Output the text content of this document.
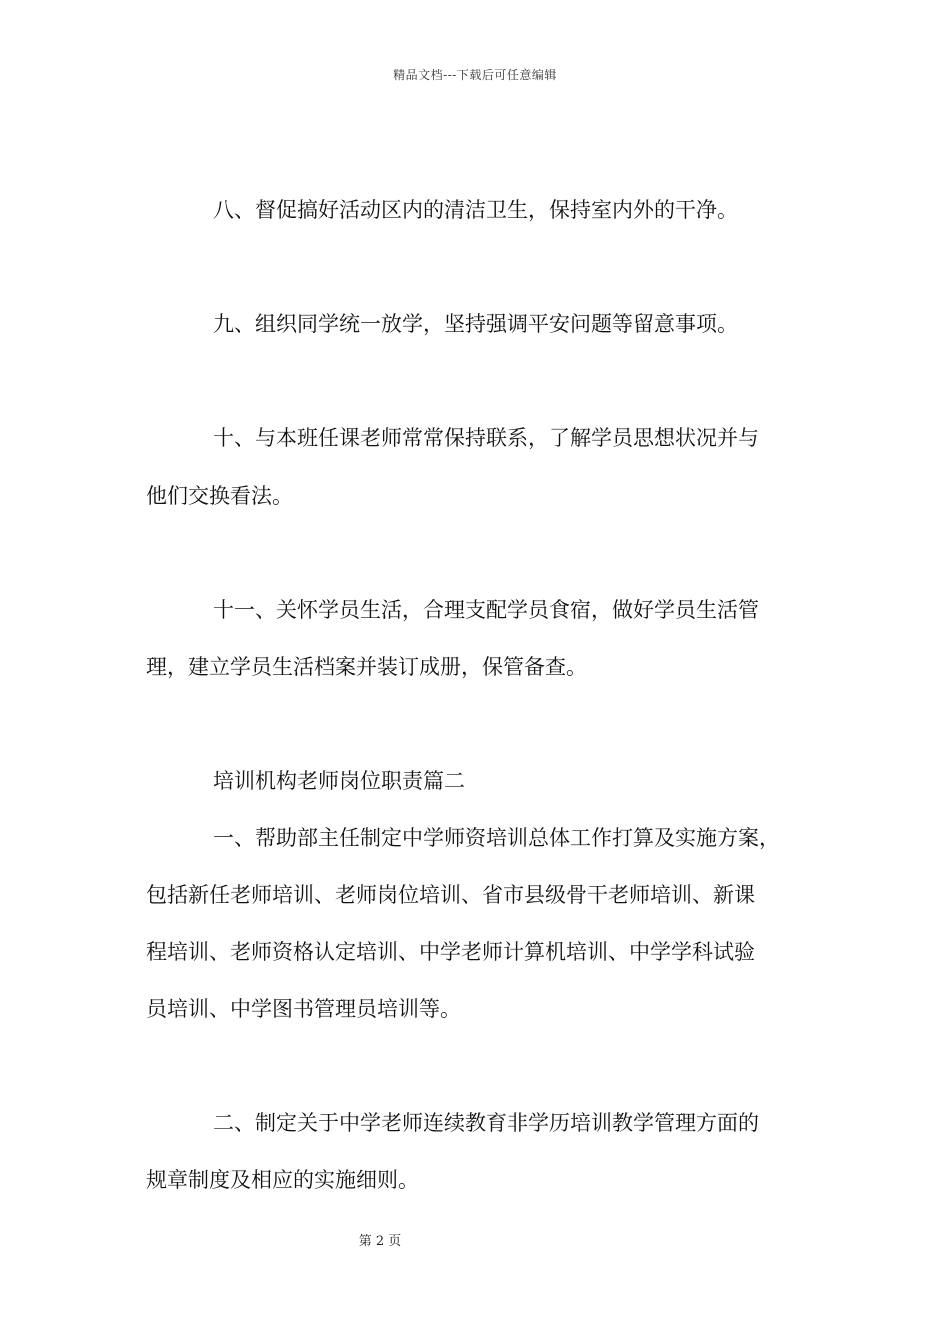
精品文档---下载后可任意编辑
八、督促搞好活动区内的清洁卫生，保持室内外的干净。
九、组织同学统一放学，坚持强调平安问题等留意事项。
十、与本班任课老师常常保持联系，了解学员思想状况并与
他们交换看法。
十一、关怀学员生活，合理支配学员食宿，做好学员生活管
理，建立学员生活档案并装订成册，保管备查。
培训机构老师岗位职责篇二
一、帮助部主任制定中学师资培训总体工作打算及实施方案，
包括新任老师培训、老师岗位培训、省市县级骨干老师培训、新课
程培训、老师资格认定培训、中学老师计算机培训、中学学科试验
员培训、中学图书管理员培训等。
二、制定关于中学老师连续教育非学历培训教学管理方面的
规章制度及相应的实施细则。
第 2 页
